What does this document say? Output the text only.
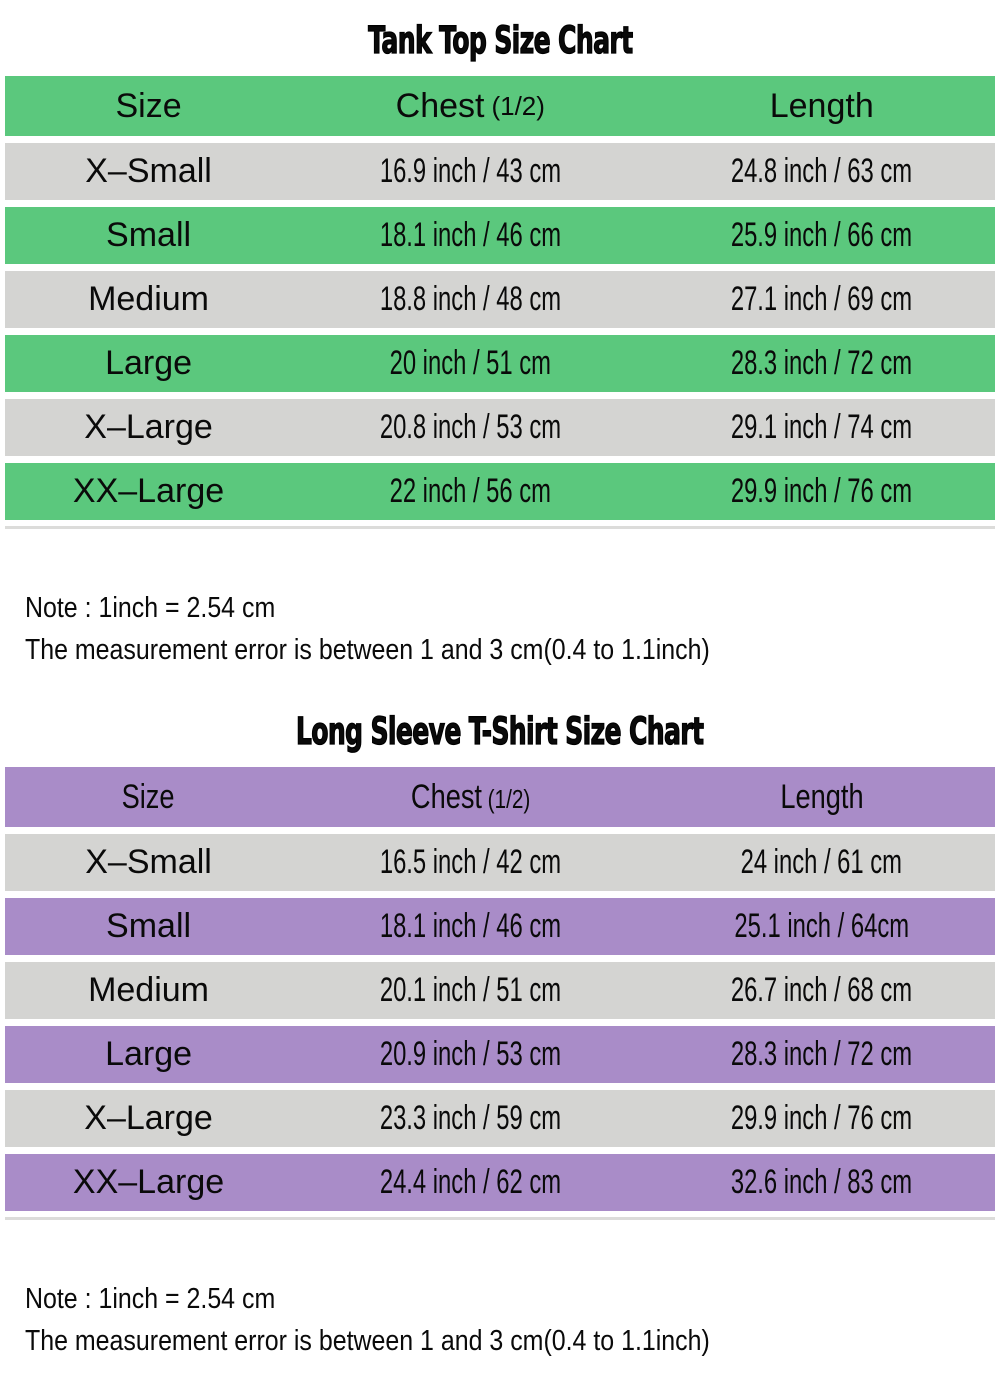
Tank Top Size Chart
Size	Chest (1/2)	Length
X–Small	16.9 inch / 43 cm	24.8 inch / 63 cm
Small	18.1 inch / 46 cm	25.9 inch / 66 cm
Medium	18.8 inch / 48 cm	27.1 inch / 69 cm
Large	20 inch / 51 cm	28.3 inch / 72 cm
X–Large	20.8 inch / 53 cm	29.1 inch / 74 cm
XX–Large	22 inch / 56 cm	29.9 inch / 76 cm
Note : 1inch = 2.54 cm
The measurement error is between 1 and 3 cm(0.4 to 1.1inch)
Long Sleeve T-Shirt Size Chart
Size	Chest (1/2)	Length
X–Small	16.5 inch / 42 cm	24 inch / 61 cm
Small	18.1 inch / 46 cm	25.1 inch / 64cm
Medium	20.1 inch / 51 cm	26.7 inch / 68 cm
Large	20.9 inch / 53 cm	28.3 inch / 72 cm
X–Large	23.3 inch / 59 cm	29.9 inch / 76 cm
XX–Large	24.4 inch / 62 cm	32.6 inch / 83 cm
Note : 1inch = 2.54 cm
The measurement error is between 1 and 3 cm(0.4 to 1.1inch)
